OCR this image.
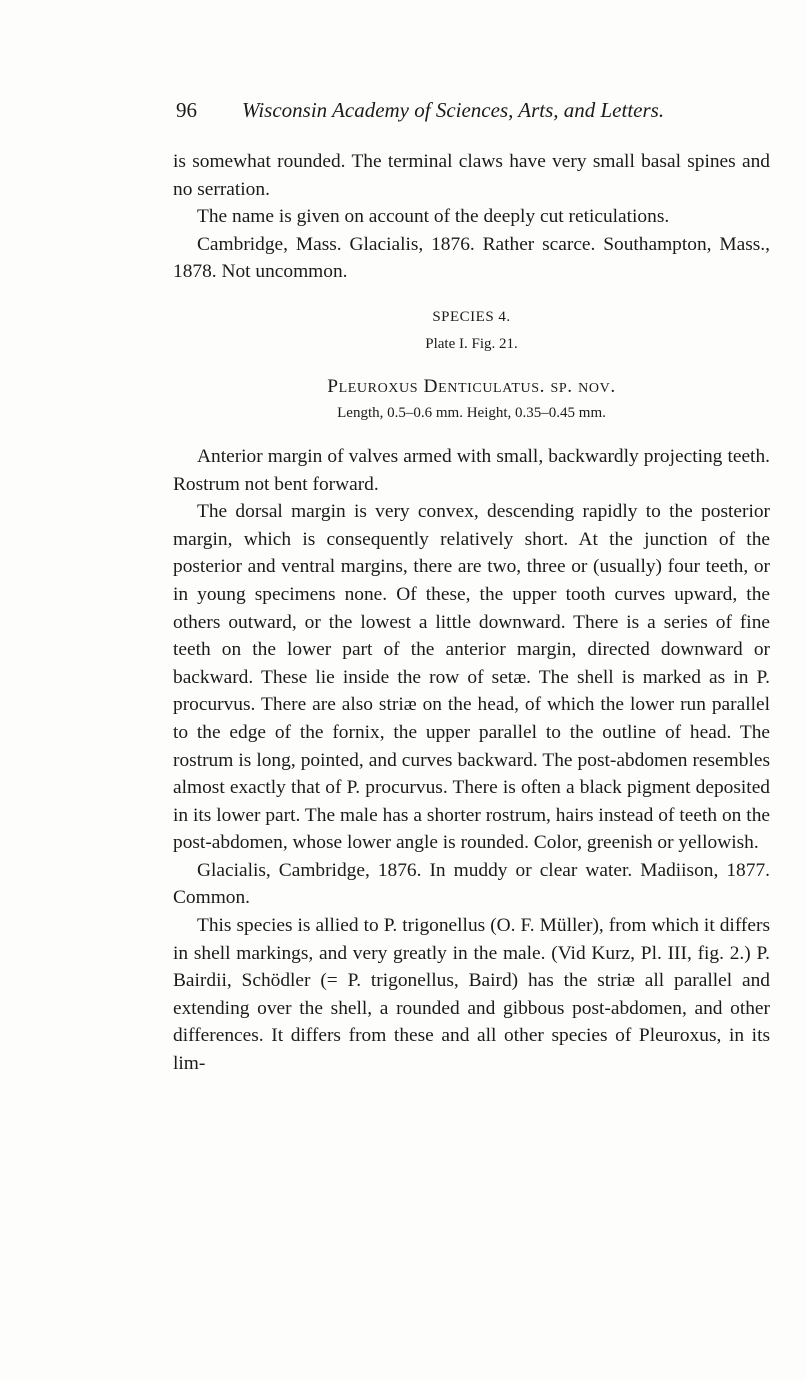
96 Wisconsin Academy of Sciences, Arts, and Letters.

is somewhat rounded. The terminal claws have very small basal spines and no serration.

The name is given on account of the deeply cut reticulations.

Cambridge, Mass. Glacialis, 1876. Rather scarce. Southampton, Mass., 1878. Not uncommon.

SPECIES 4.

Plate I. Fig. 21.

Pleuroxus Denticulatus. sp. nov.

Length, 0.5–0.6 mm. Height, 0.35–0.45 mm.

Anterior margin of valves armed with small, backwardly projecting teeth. Rostrum not bent forward.

The dorsal margin is very convex, descending rapidly to the posterior margin, which is consequently relatively short. At the junction of the posterior and ventral margins, there are two, three or (usually) four teeth, or in young specimens none. Of these, the upper tooth curves upward, the others outward, or the lowest a little downward. There is a series of fine teeth on the lower part of the anterior margin, directed downward or backward. These lie inside the row of setæ. The shell is marked as in P. procurvus. There are also striæ on the head, of which the lower run parallel to the edge of the fornix, the upper parallel to the outline of head. The rostrum is long, pointed, and curves backward. The post-abdomen resembles almost exactly that of P. procurvus. There is often a black pigment deposited in its lower part. The male has a shorter rostrum, hairs instead of teeth on the post-abdomen, whose lower angle is rounded. Color, greenish or yellowish.

Glacialis, Cambridge, 1876. In muddy or clear water. Madiison, 1877. Common.

This species is allied to P. trigonellus (O. F. Müller), from which it differs in shell markings, and very greatly in the male. (Vid Kurz, Pl. III, fig. 2.) P. Bairdii, Schödler (= P. trigonellus, Baird) has the striæ all parallel and extending over the shell, a rounded and gibbous post-abdomen, and other differences. It differs from these and all other species of Pleuroxus, in its lim-
